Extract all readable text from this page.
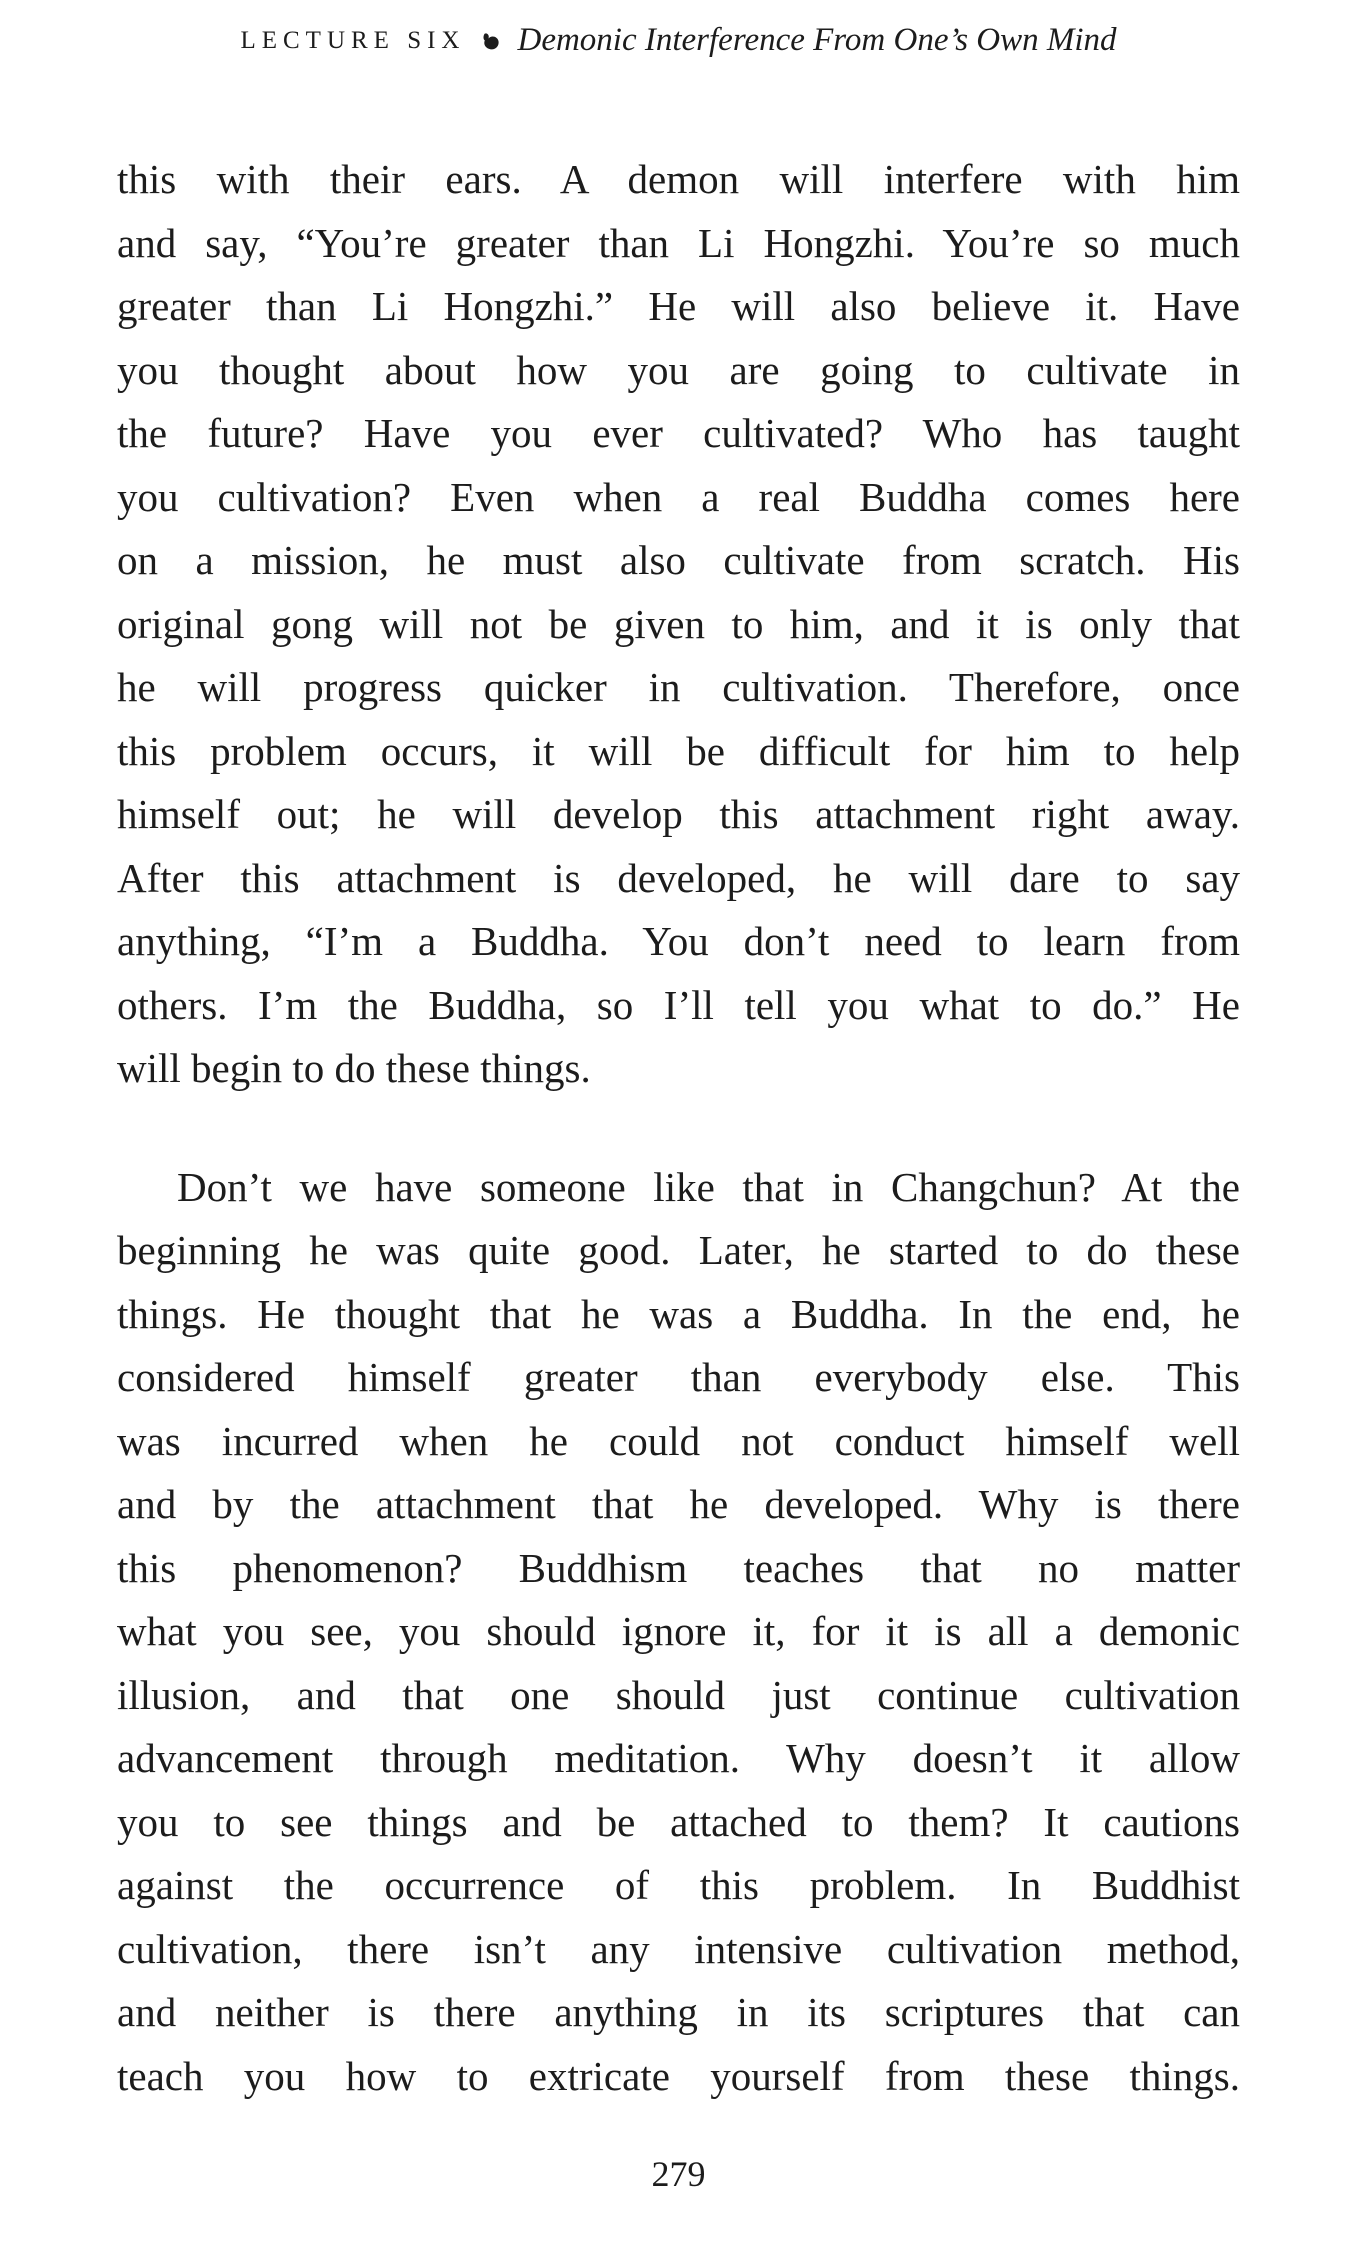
LECTURE SIX Demonic Interference From One’s Own Mind
this with their ears. A demon will interfere with him
and say, “You’re greater than Li Hongzhi. You’re so much
greater than Li Hongzhi.” He will also believe it. Have
you thought about how you are going to cultivate in
the future? Have you ever cultivated? Who has taught
you cultivation? Even when a real Buddha comes here
on a mission, he must also cultivate from scratch. His
original gong will not be given to him, and it is only that
he will progress quicker in cultivation. Therefore, once
this problem occurs, it will be difficult for him to help
himself out; he will develop this attachment right away.
After this attachment is developed, he will dare to say
anything, “I’m a Buddha. You don’t need to learn from
others. I’m the Buddha, so I’ll tell you what to do.” He
will begin to do these things.
Don’t we have someone like that in Changchun? At the
beginning he was quite good. Later, he started to do these
things. He thought that he was a Buddha. In the end, he
considered himself greater than everybody else. This
was incurred when he could not conduct himself well
and by the attachment that he developed. Why is there
this phenomenon? Buddhism teaches that no matter
what you see, you should ignore it, for it is all a demonic
illusion, and that one should just continue cultivation
advancement through meditation. Why doesn’t it allow
you to see things and be attached to them? It cautions
against the occurrence of this problem. In Buddhist
cultivation, there isn’t any intensive cultivation method,
and neither is there anything in its scriptures that can
teach you how to extricate yourself from these things.
279
